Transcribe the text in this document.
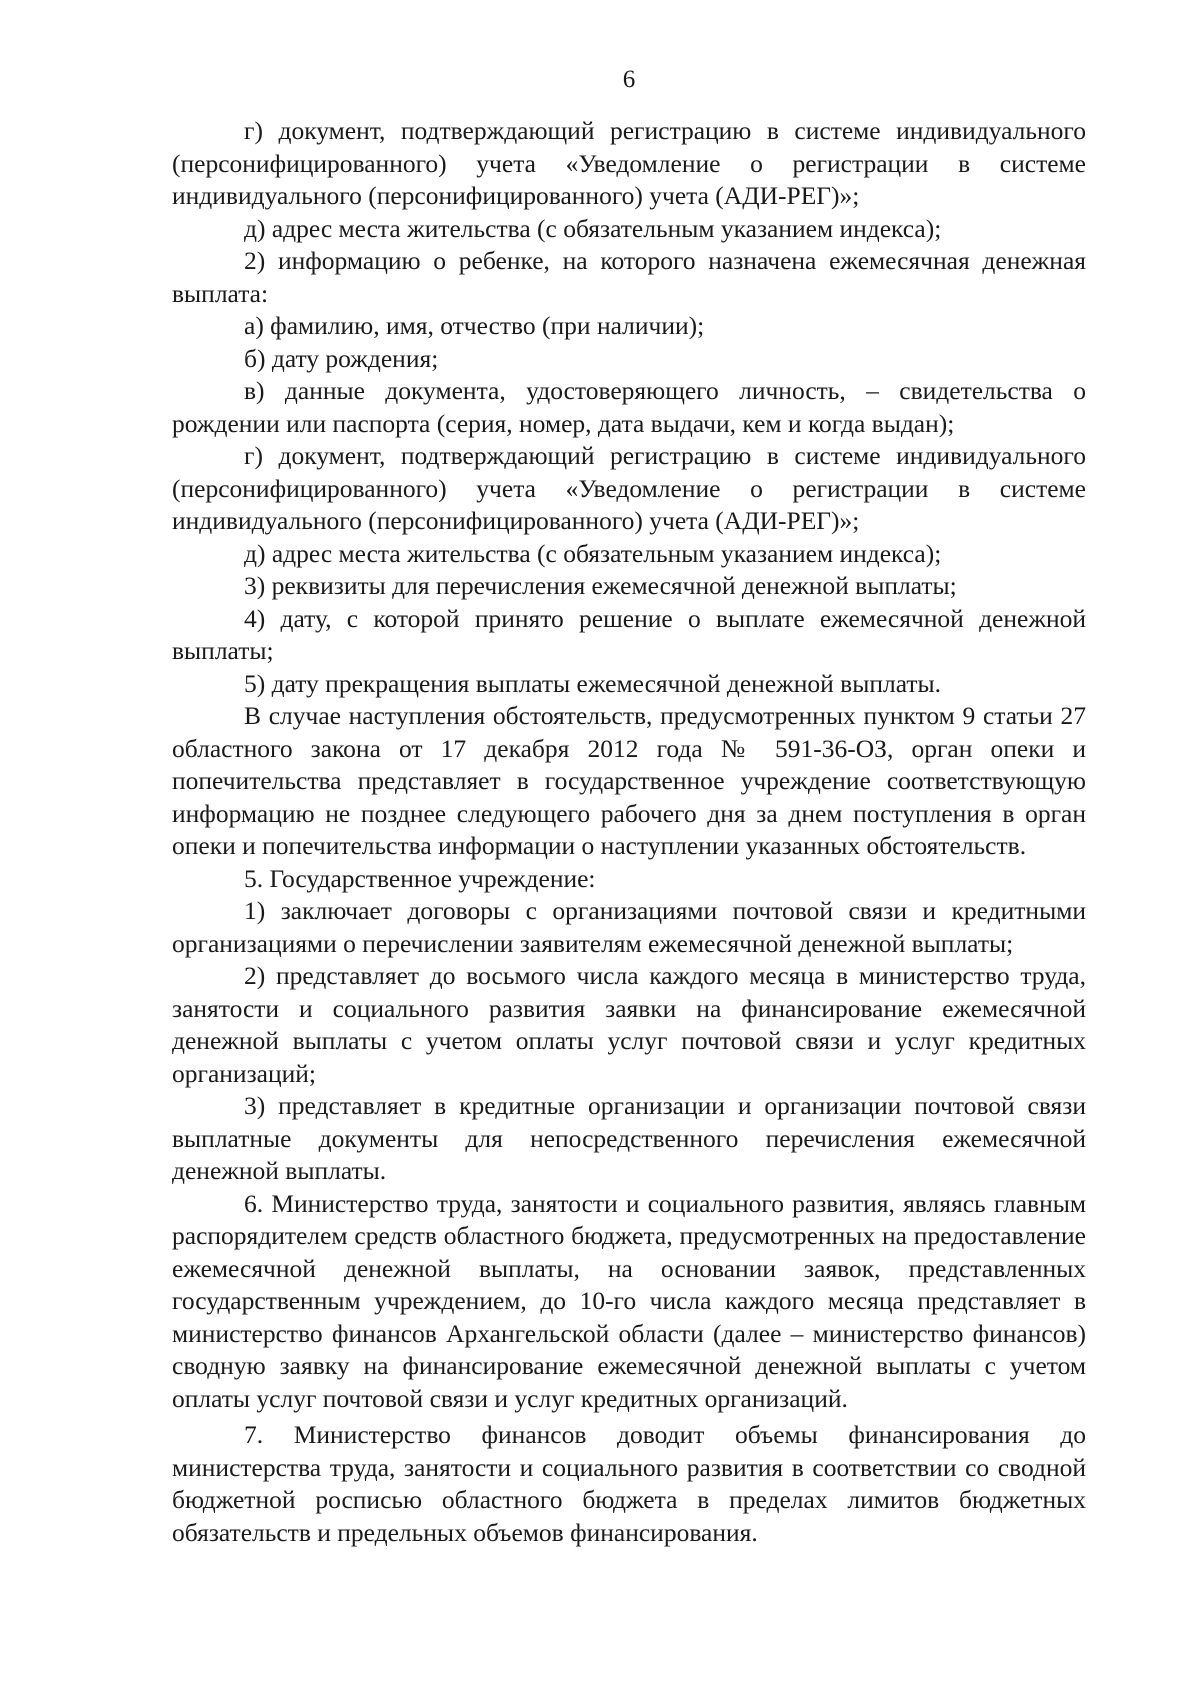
6

г) документ, подтверждающий регистрацию в системе индивидуального (персонифицированного) учета «Уведомление о регистрации в системе индивидуального (персонифицированного) учета (АДИ-РЕГ)»;

д) адрес места жительства (с обязательным указанием индекса);

2) информацию о ребенке, на которого назначена ежемесячная денежная выплата:

а) фамилию, имя, отчество (при наличии);

б) дату рождения;

в) данные документа, удостоверяющего личность, – свидетельства о рождении или паспорта (серия, номер, дата выдачи, кем и когда выдан);

г) документ, подтверждающий регистрацию в системе индивидуального (персонифицированного) учета «Уведомление о регистрации в системе индивидуального (персонифицированного) учета (АДИ-РЕГ)»;

д) адрес места жительства (с обязательным указанием индекса);

3) реквизиты для перечисления ежемесячной денежной выплаты;

4) дату, с которой принято решение о выплате ежемесячной денежной выплаты;

5) дату прекращения выплаты ежемесячной денежной выплаты.

В случае наступления обстоятельств, предусмотренных пунктом 9 статьи 27 областного закона от 17 декабря 2012 года № 591-36-ОЗ, орган опеки и попечительства представляет в государственное учреждение соответствующую информацию не позднее следующего рабочего дня за днем поступления в орган опеки и попечительства информации о наступлении указанных обстоятельств.

5. Государственное учреждение:

1) заключает договоры с организациями почтовой связи и кредитными организациями о перечислении заявителям ежемесячной денежной выплаты;

2) представляет до восьмого числа каждого месяца в министерство труда, занятости и социального развития заявки на финансирование ежемесячной денежной выплаты с учетом оплаты услуг почтовой связи и услуг кредитных организаций;

3) представляет в кредитные организации и организации почтовой связи выплатные документы для непосредственного перечисления ежемесячной денежной выплаты.

6. Министерство труда, занятости и социального развития, являясь главным распорядителем средств областного бюджета, предусмотренных на предоставление ежемесячной денежной выплаты, на основании заявок, представленных государственным учреждением, до 10-го числа каждого месяца представляет в министерство финансов Архангельской области (далее – министерство финансов) сводную заявку на финансирование ежемесячной денежной выплаты с учетом оплаты услуг почтовой связи и услуг кредитных организаций.

7. Министерство финансов доводит объемы финансирования до министерства труда, занятости и социального развития в соответствии со сводной бюджетной росписью областного бюджета в пределах лимитов бюджетных обязательств и предельных объемов финансирования.
